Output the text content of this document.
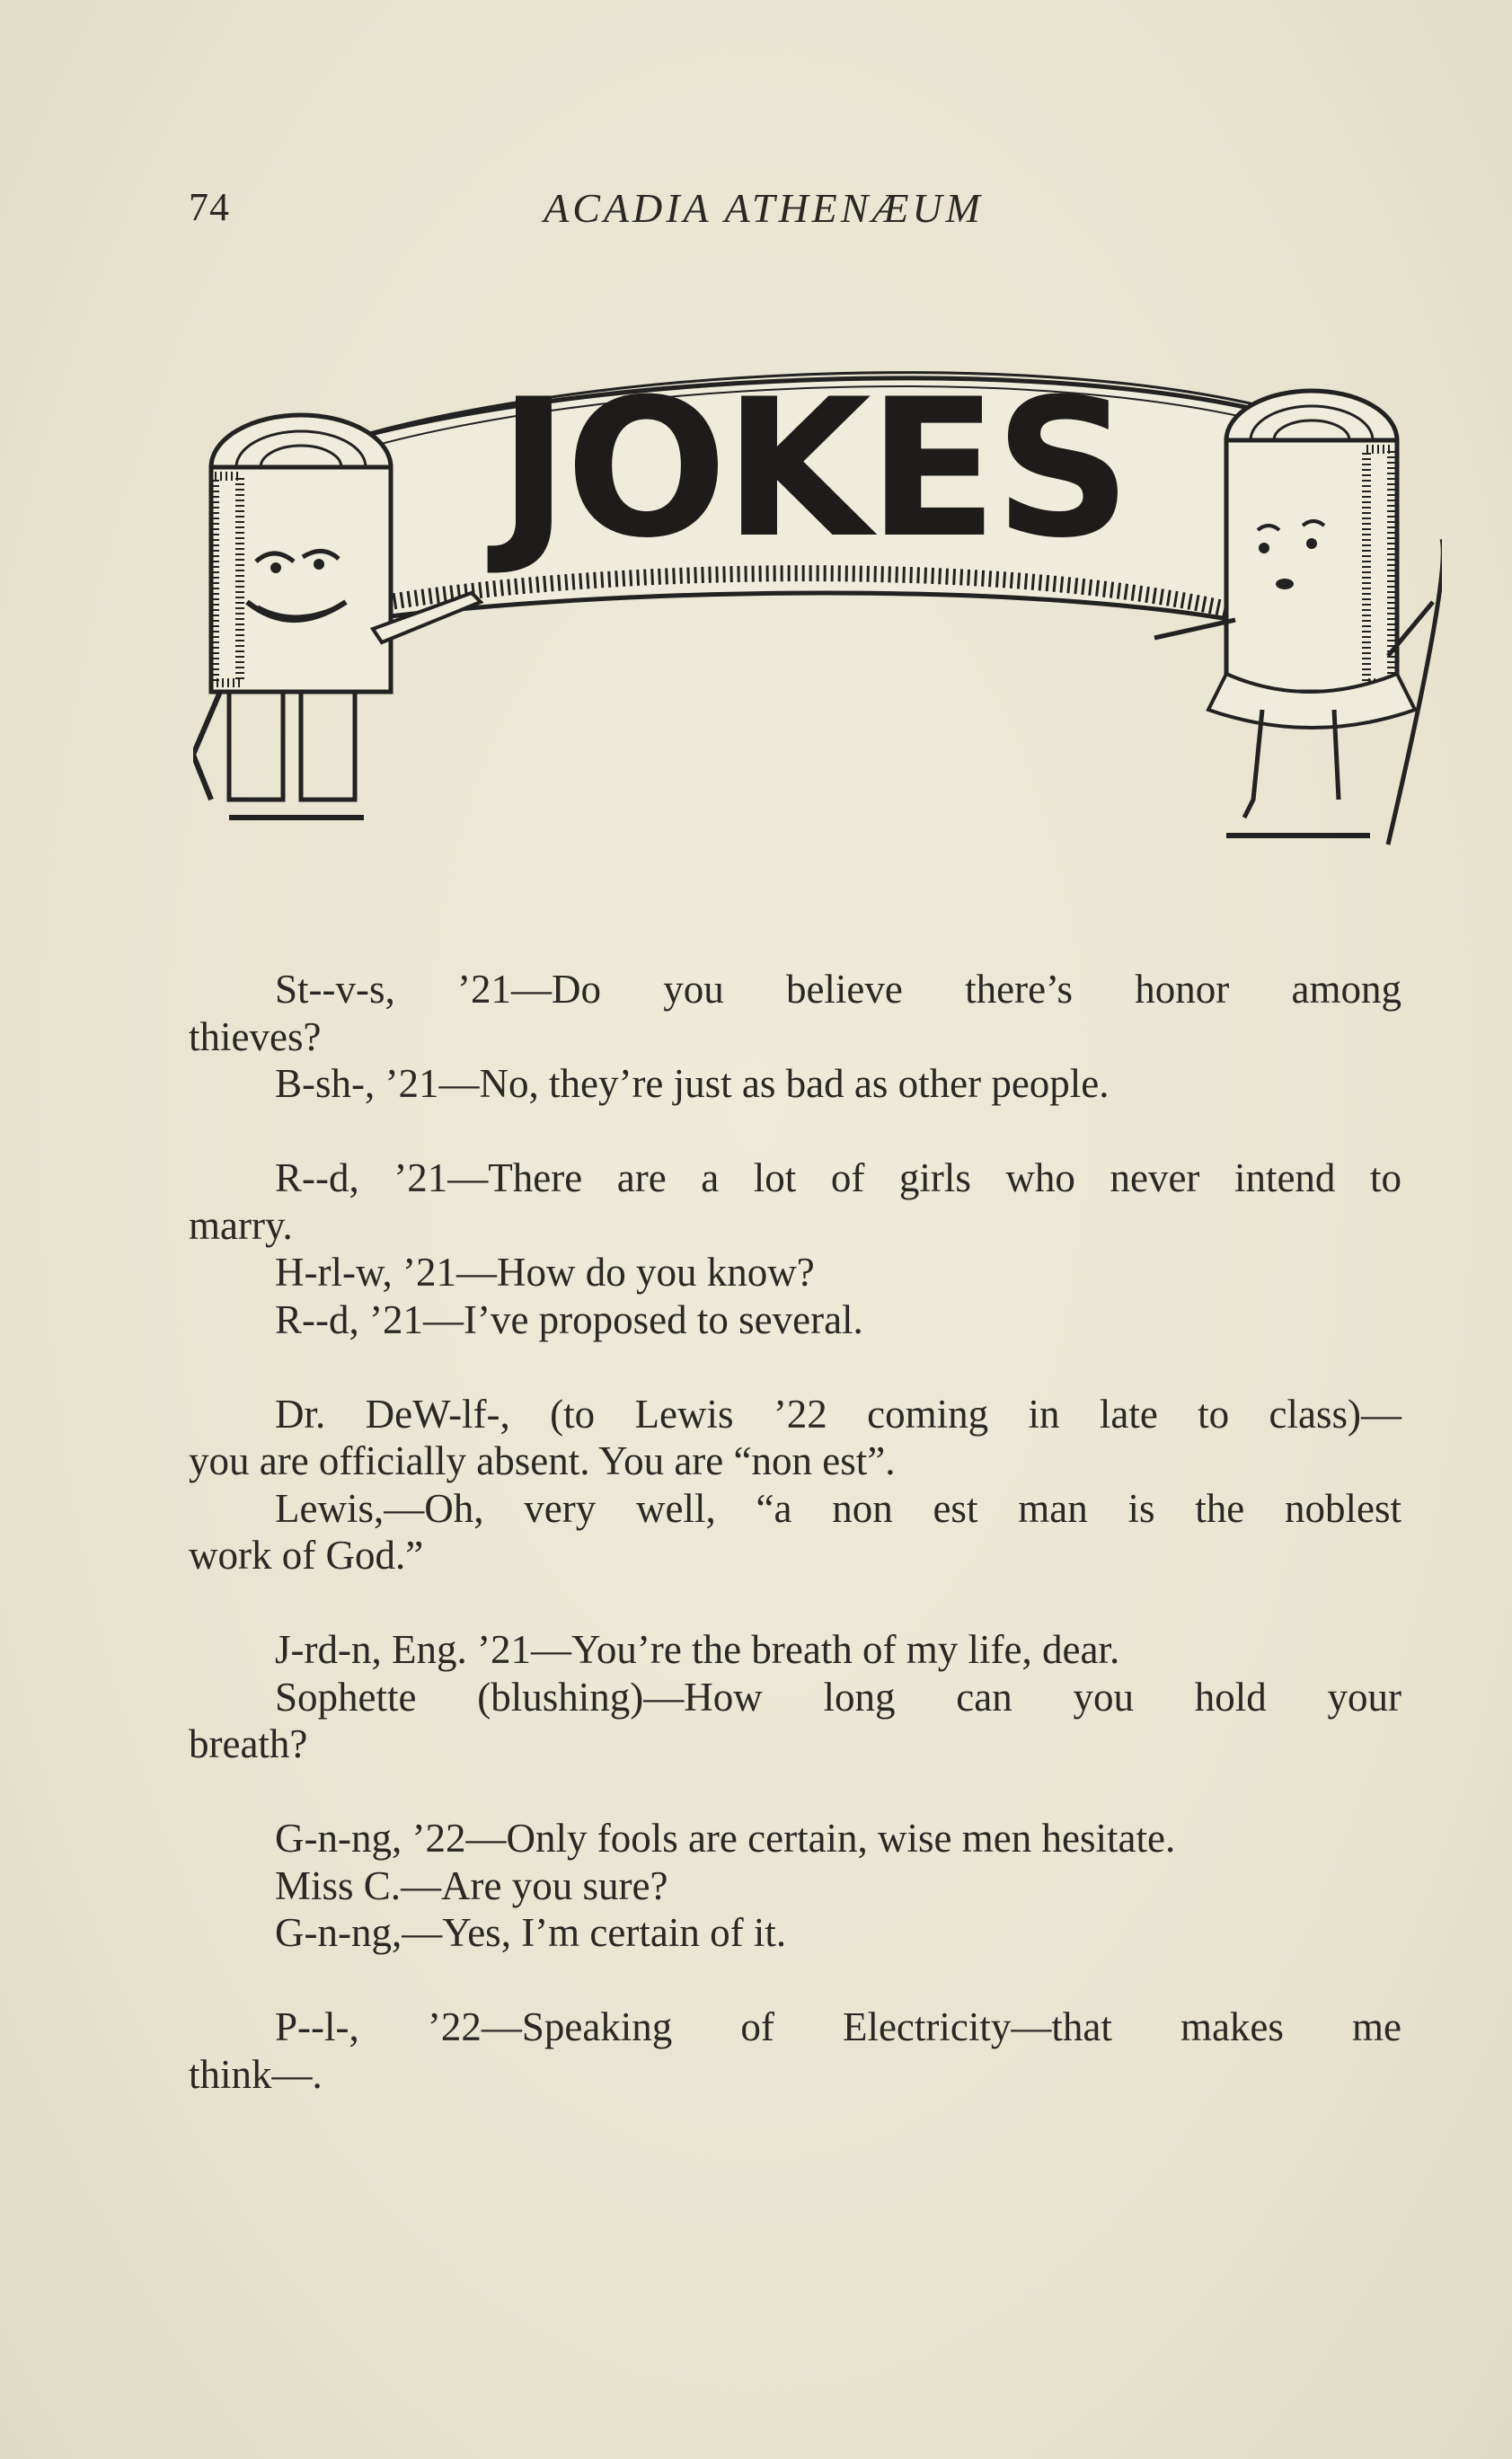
74	ACADIA ATHENÆUM
JOKES

St--v-s, ’21—Do you believe there’s honor among

thieves?

B-sh-, ’21—No, they’re just as bad as other people.

R--d, ’21—There are a lot of girls who never intend to

marry.

H-rl-w, ’21—How do you know?

R--d, ’21—I’ve proposed to several.

Dr. DeW-lf-, (to Lewis ’22 coming in late to class)—

you are officially absent. You are “non est”.

Lewis,—Oh, very well, “a non est man is the noblest

work of God.”

J-rd-n, Eng. ’21—You’re the breath of my life, dear.

Sophette (blushing)—How long can you hold your

breath?

G-n-ng, ’22—Only fools are certain, wise men hesitate.

Miss C.—Are you sure?

G-n-ng,—Yes, I’m certain of it.

P--l-, ’22—Speaking of Electricity—that makes me

think—.
